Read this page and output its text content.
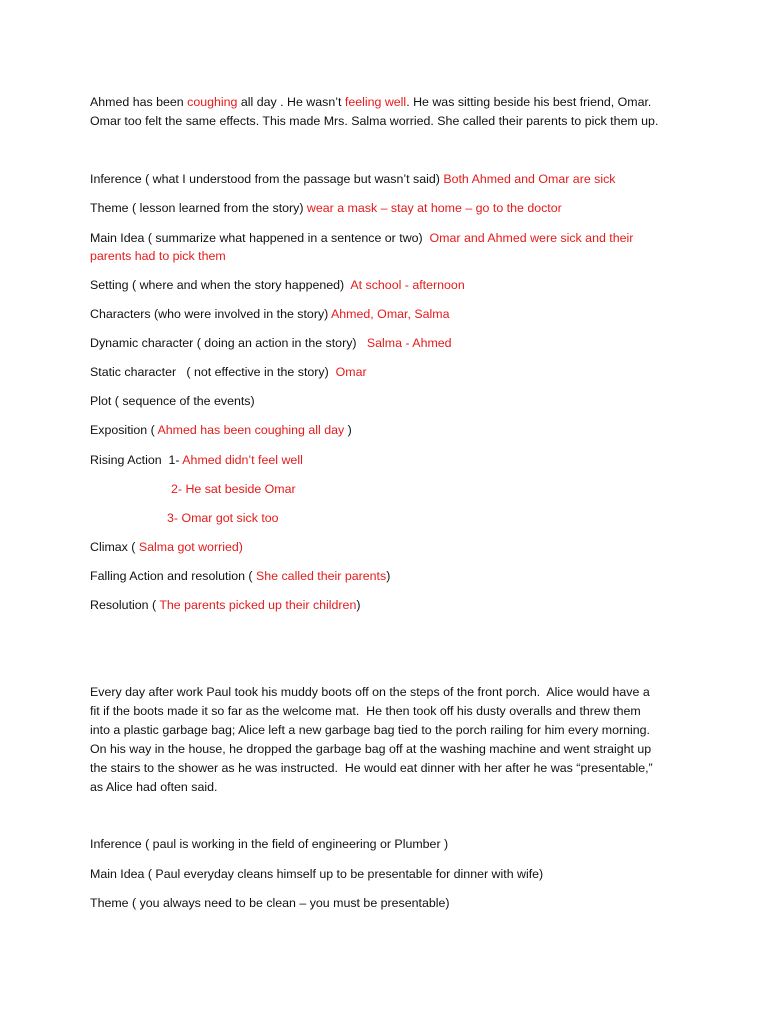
Ahmed has been coughing all day . He wasn’t feeling well. He was sitting beside his best friend, Omar.
Omar too felt the same effects. This made Mrs. Salma worried. She called their parents to pick them up.
Inference ( what I understood from the passage but wasn’t said) Both Ahmed and Omar are sick
Theme ( lesson learned from the story) wear a mask – stay at home – go to the doctor
Main Idea ( summarize what happened in a sentence or two)  Omar and Ahmed were sick and their
parents had to pick them
Setting ( where and when the story happened)  At school - afternoon
Characters (who were involved in the story) Ahmed, Omar, Salma
Dynamic character ( doing an action in the story)   Salma - Ahmed
Static character   ( not effective in the story)  Omar
Plot ( sequence of the events)
Exposition ( Ahmed has been coughing all day )
Rising Action  1- Ahmed didn’t feel well
2- He sat beside Omar
3- Omar got sick too
Climax ( Salma got worried)
Falling Action and resolution ( She called their parents)
Resolution ( The parents picked up their children)
Every day after work Paul took his muddy boots off on the steps of the front porch.  Alice would have a
fit if the boots made it so far as the welcome mat.  He then took off his dusty overalls and threw them
into a plastic garbage bag; Alice left a new garbage bag tied to the porch railing for him every morning.
On his way in the house, he dropped the garbage bag off at the washing machine and went straight up
the stairs to the shower as he was instructed.  He would eat dinner with her after he was “presentable,”
as Alice had often said.
Inference ( paul is working in the field of engineering or Plumber )
Main Idea ( Paul everyday cleans himself up to be presentable for dinner with wife)
Theme ( you always need to be clean – you must be presentable)
